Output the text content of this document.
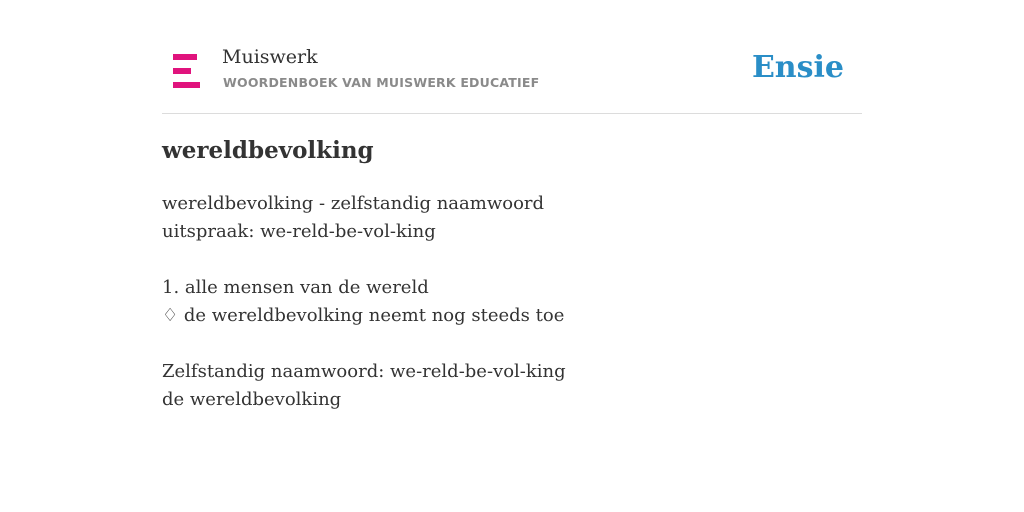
Muiswerk
WOORDENBOEK VAN MUISWERK EDUCATIEF	Ensie
wereldbevolking
wereldbevolking - zelfstandig naamwoord
uitspraak: we-reld-be-vol-king
1. alle mensen van de wereld
♢ de wereldbevolking neemt nog steeds toe
Zelfstandig naamwoord: we-reld-be-vol-king
de wereldbevolking
